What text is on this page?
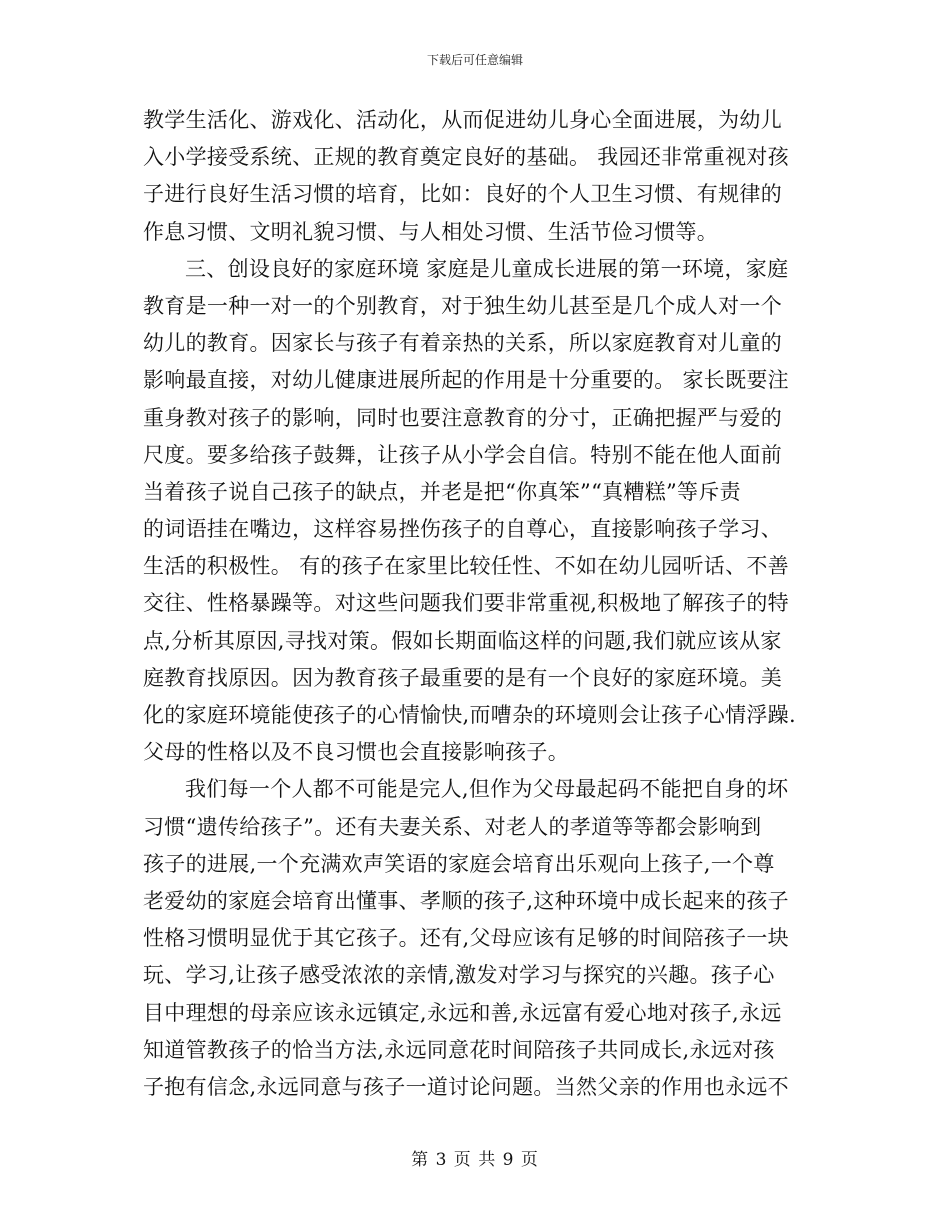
下载后可任意编辑
教学生活化、游戏化、活动化，从而促进幼儿身心全面进展，为幼儿
入小学接受系统、正规的教育奠定良好的基础。 我园还非常重视对孩
子进行良好生活习惯的培育，比如：良好的个人卫生习惯、有规律的
作息习惯、文明礼貌习惯、与人相处习惯、生活节俭习惯等。
三、创设良好的家庭环境 家庭是儿童成长进展的第一环境，家庭
教育是一种一对一的个别教育，对于独生幼儿甚至是几个成人对一个
幼儿的教育。因家长与孩子有着亲热的关系，所以家庭教育对儿童的
影响最直接，对幼儿健康进展所起的作用是十分重要的。 家长既要注
重身教对孩子的影响，同时也要注意教育的分寸，正确把握严与爱的
尺度。要多给孩子鼓舞，让孩子从小学会自信。特别不能在他人面前
当着孩子说自己孩子的缺点，并老是把“你真笨”“真糟糕”等斥责
的词语挂在嘴边，这样容易挫伤孩子的自尊心，直接影响孩子学习、
生活的积极性。 有的孩子在家里比较任性、不如在幼儿园听话、不善
交往、性格暴躁等。对这些问题我们要非常重视,积极地了解孩子的特
点,分析其原因,寻找对策。假如长期面临这样的问题,我们就应该从家
庭教育找原因。因为教育孩子最重要的是有一个良好的家庭环境。美
化的家庭环境能使孩子的心情愉快,而嘈杂的环境则会让孩子心情浮躁.
父母的性格以及不良习惯也会直接影响孩子。
我们每一个人都不可能是完人,但作为父母最起码不能把自身的坏
习惯“遗传给孩子”。还有夫妻关系、对老人的孝道等等都会影响到
孩子的进展,一个充满欢声笑语的家庭会培育出乐观向上孩子,一个尊
老爱幼的家庭会培育出懂事、孝顺的孩子,这种环境中成长起来的孩子
性格习惯明显优于其它孩子。还有,父母应该有足够的时间陪孩子一块
玩、学习,让孩子感受浓浓的亲情,激发对学习与探究的兴趣。孩子心
目中理想的母亲应该永远镇定,永远和善,永远富有爱心地对孩子,永远
知道管教孩子的恰当方法,永远同意花时间陪孩子共同成长,永远对孩
子抱有信念,永远同意与孩子一道讨论问题。当然父亲的作用也永远不
第 3 页 共 9 页
